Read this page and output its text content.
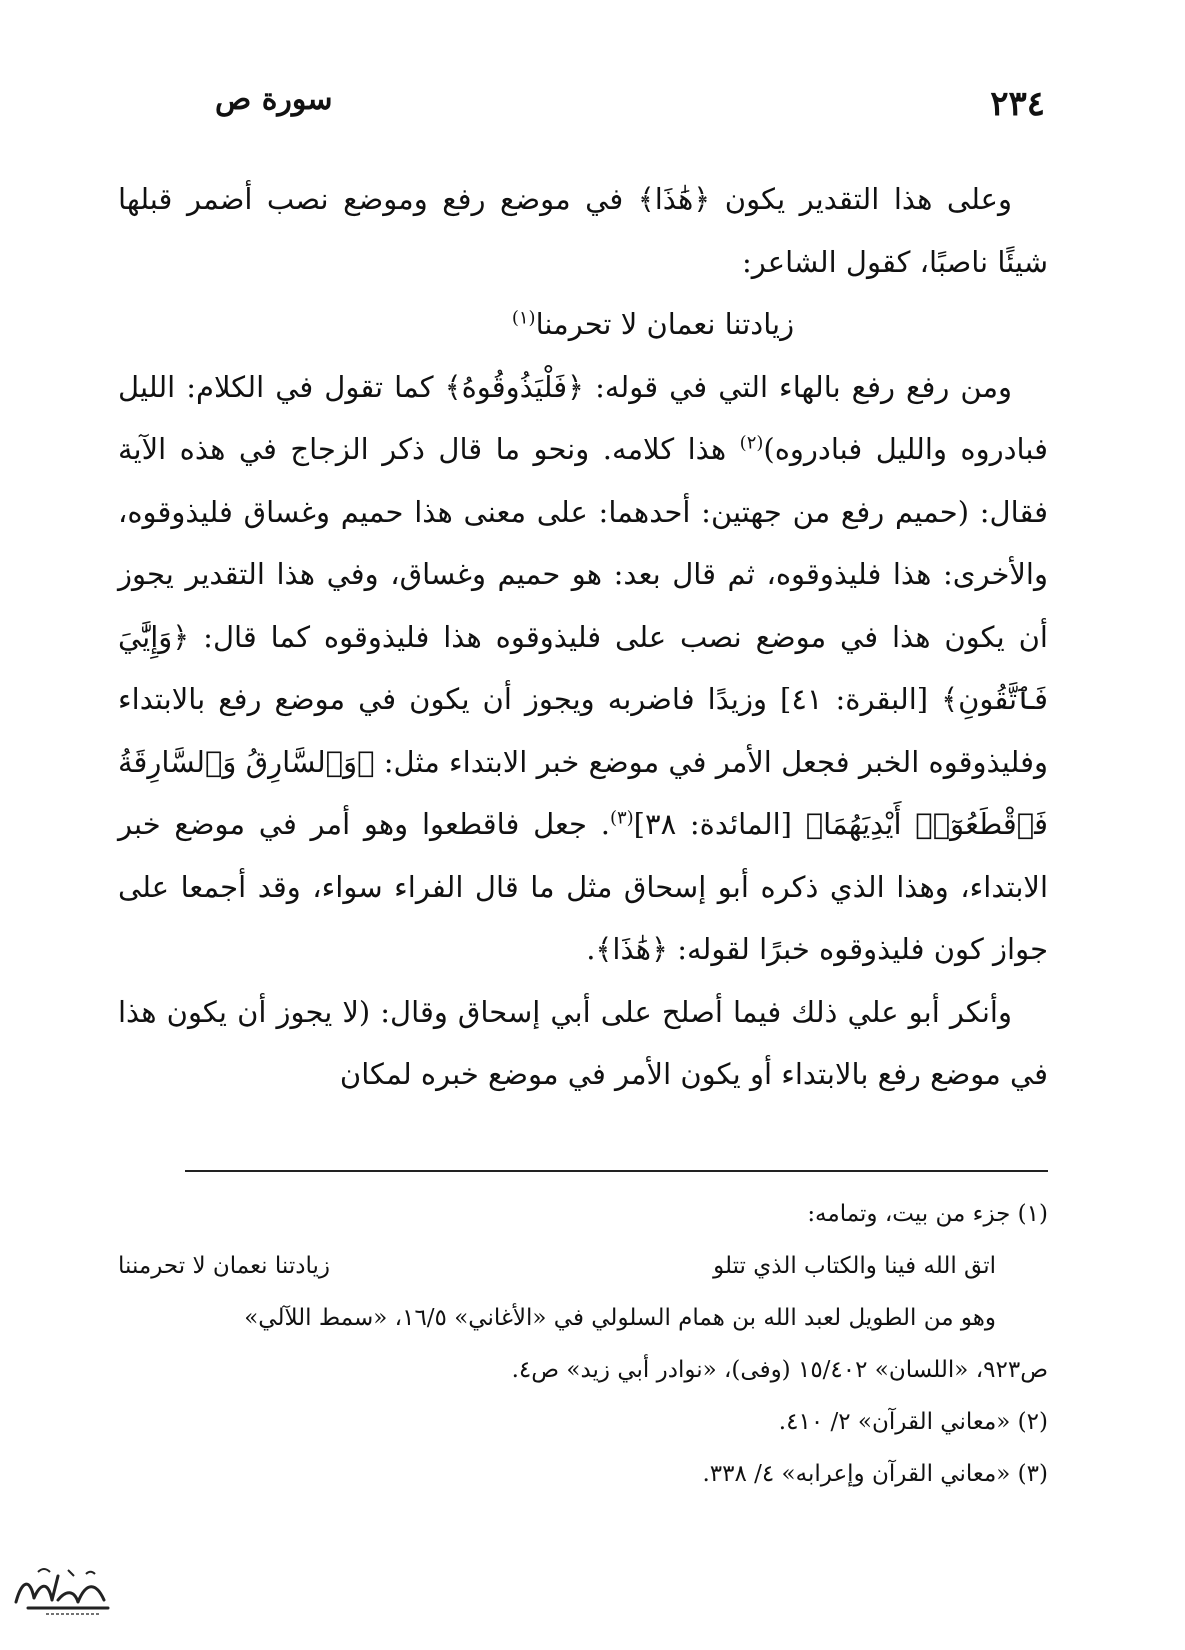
٢٣٤
سورة ص

وعلى هذا التقدير يكون ﴿هَٰذَا﴾ في موضع رفع وموضع نصب أضمر قبلها شيئًا ناصبًا، كقول الشاعر:

زيادتنا نعمان لا تحرمنا$^{(١)}$

ومن رفع رفع بالهاء التي في قوله: ﴿فَلْيَذُوقُوهُ﴾ كما تقول في الكلام: الليل فبادروه والليل فبادروه)$^{(٢)}$ هذا كلامه. ونحو ما قال ذكر الزجاج في هذه الآية فقال: (حميم رفع من جهتين: أحدهما: على معنى هذا حميم وغساق فليذوقوه، والأخرى: هذا فليذوقوه، ثم قال بعد: هو حميم وغساق، وفي هذا التقدير يجوز أن يكون هذا في موضع نصب على فليذوقوه هذا فليذوقوه كما قال: ﴿وَإِيَّٰيَ فَٱتَّقُونِ﴾ [البقرة: ٤١] وزيدًا فاضربه ويجوز أن يكون في موضع رفع بالابتداء وفليذوقوه الخبر فجعل الأمر في موضع خبر الابتداء مثل: ﴿وَٱلسَّارِقُ وَٱلسَّارِقَةُ فَٱقْطَعُوٓا۟ أَيْدِيَهُمَا﴾ [المائدة: ٣٨]$^{(٣)}$. جعل فاقطعوا وهو أمر في موضع خبر الابتداء، وهذا الذي ذكره أبو إسحاق مثل ما قال الفراء سواء، وقد أجمعا على جواز كون فليذوقوه خبرًا لقوله: ﴿هَٰذَا﴾.

وأنكر أبو علي ذلك فيما أصلح على أبي إسحاق وقال: (لا يجوز أن يكون هذا في موضع رفع بالابتداء أو يكون الأمر في موضع خبره لمكان

(١) جزء من بيت، وتمامه:

زيادتنا نعمان لا تحرمننا	اتق الله فينا والكتاب الذي تتلو

وهو من الطويل لعبد الله بن همام السلولي في «الأغاني» ١٦/٥، «سمط اللآلي»

ص٩٢٣، «اللسان» ١٥/٤٠٢ (وفى)، «نوادر أبي زيد» ص٤.

(٢) «معاني القرآن» ٢/ ٤١٠.

(٣) «معاني القرآن وإعرابه» ٤/ ٣٣٨.
